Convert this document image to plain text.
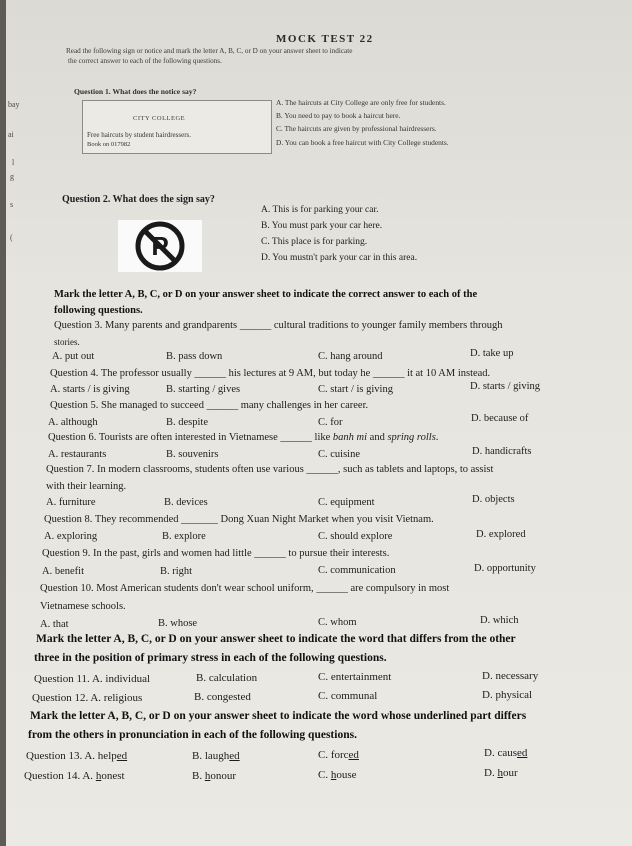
MOCK TEST 22
Read the following sign or notice and mark the letter A, B, C, or D on your answer sheet to indicate
the correct answer to each of the following questions.
Question 1. What does the notice say?
CITY COLLEGE
Free haircuts by student hairdressers.
Book on 017982
A. The haircuts at City College are only free for students.
B. You need to pay to book a haircut here.
C. The haircuts are given by professional hairdressers.
D. You can book a free haircut with City College students.
Question 2. What does the sign say?
P
A. This is for parking your car.
B. You must park your car here.
C. This place is for parking.
D. You mustn't park your car in this area.
Mark the letter A, B, C, or D on your answer sheet to indicate the correct answer to each of the
following questions.
Question 3. Many parents and grandparents ______ cultural traditions to younger family members through
stories.
A. put out	B. pass down	C. hang around	D. take up
Question 4. The professor usually ______ his lectures at 9 AM, but today he ______ it at 10 AM instead.
A. starts / is giving	B. starting / gives	C. start / is giving	D. starts / giving
Question 5. She managed to succeed ______ many challenges in her career.
A. although	B. despite	C. for	D. because of
Question 6. Tourists are often interested in Vietnamese ______ like banh mi and spring rolls.
A. restaurants	B. souvenirs	C. cuisine	D. handicrafts
Question 7. In modern classrooms, students often use various ______, such as tablets and laptops, to assist
with their learning.
A. furniture	B. devices	C. equipment	D. objects
Question 8. They recommended _______ Dong Xuan Night Market when you visit Vietnam.
A. exploring	B. explore	C. should explore	D. explored
Question 9. In the past, girls and women had little ______ to pursue their interests.
A. benefit	B. right	C. communication	D. opportunity
Question 10. Most American students don't wear school uniform, ______ are compulsory in most
Vietnamese schools.
A. that	B. whose	C. whom	D. which
Mark the letter A, B, C, or D on your answer sheet to indicate the word that differs from the other
three in the position of primary stress in each of the following questions.
Question 11. A. individual	B. calculation	C. entertainment	D. necessary
Question 12. A. religious	B. congested	C. communal	D. physical
Mark the letter A, B, C, or D on your answer sheet to indicate the word whose underlined part differs
from the others in pronunciation in each of the following questions.
Question 13. A. helped	B. laughed	C. forced	D. caused
Question 14. A. honest	B. honour	C. house	D. hour
bay
ai
l
g
s
(
